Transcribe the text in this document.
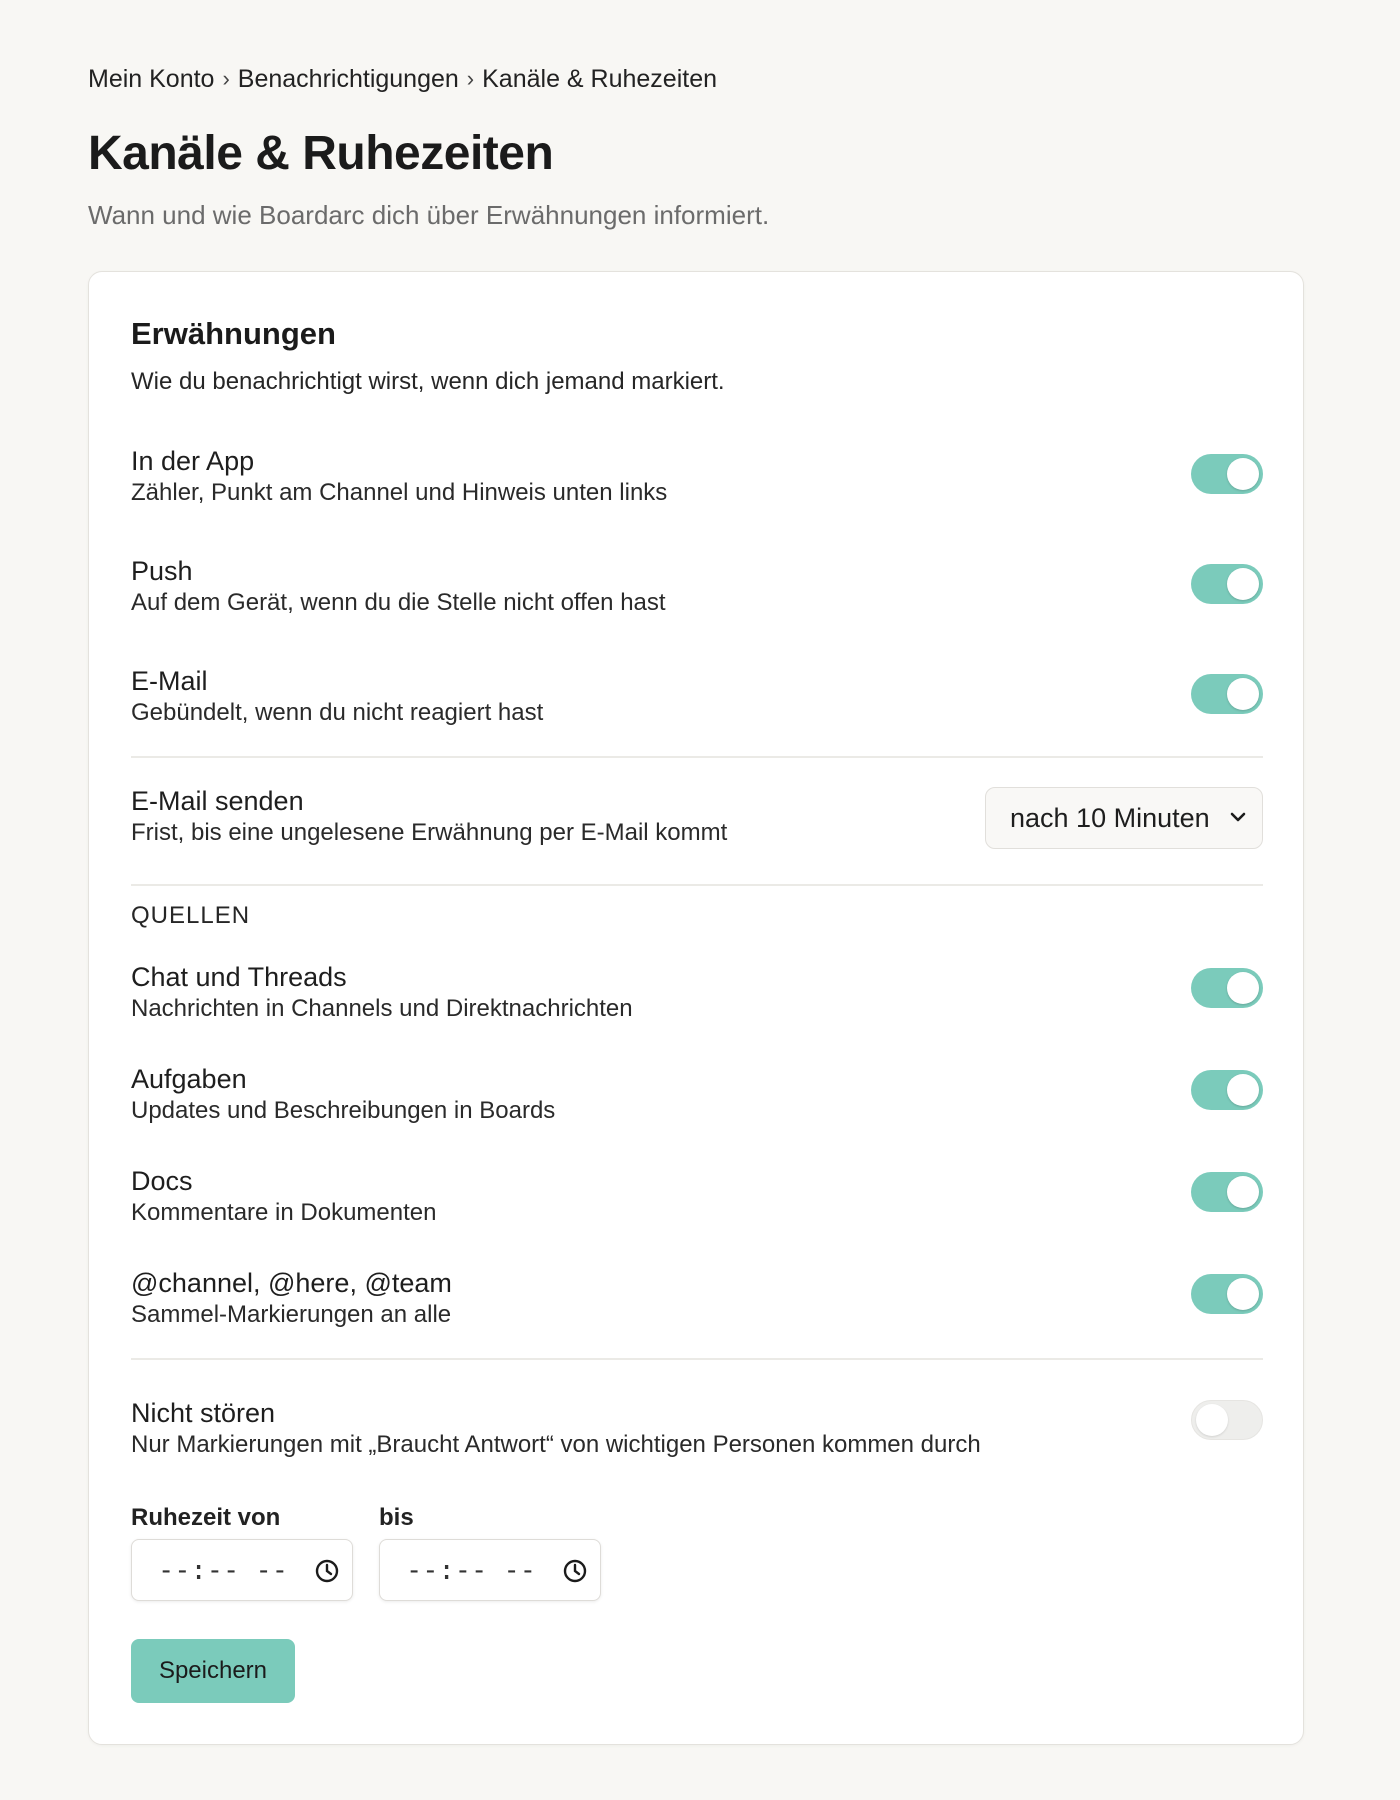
Mein Konto › Benachrichtigungen › Kanäle & Ruhezeiten
Kanäle & Ruhezeiten
Wann und wie Boardarc dich über Erwähnungen informiert.
Erwähnungen
Wie du benachrichtigt wirst, wenn dich jemand markiert.
In der App
Zähler, Punkt am Channel und Hinweis unten links
Push
Auf dem Gerät, wenn du die Stelle nicht offen hast
E-Mail
Gebündelt, wenn du nicht reagiert hast
E-Mail senden
Frist, bis eine ungelesene Erwähnung per E-Mail kommt	nach 10 Minuten
QUELLEN
Chat und Threads
Nachrichten in Channels und Direktnachrichten
Aufgaben
Updates und Beschreibungen in Boards
Docs
Kommentare in Dokumenten
@channel, @here, @team
Sammel-Markierungen an alle
Nicht stören
Nur Markierungen mit „Braucht Antwort“ von wichtigen Personen kommen durch
Ruhezeit von	bis
--:-- --	--:-- --
Speichern
